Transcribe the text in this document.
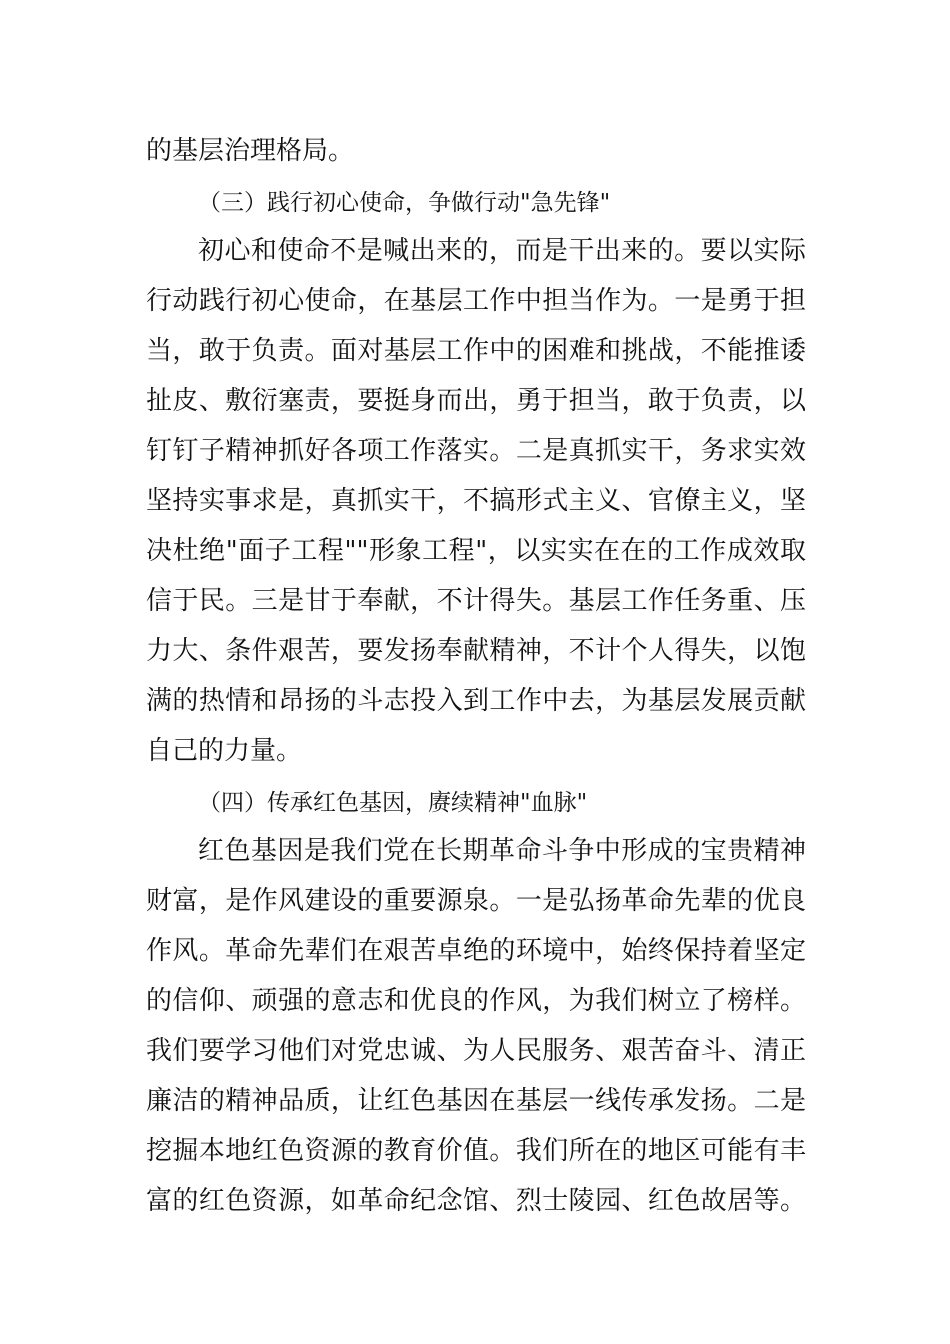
的基层治理格局。
（三）践行初心使命，争做行动"急先锋"
初心和使命不是喊出来的，而是干出来的。要以实际
行动践行初心使命，在基层工作中担当作为。一是勇于担
当，敢于负责。面对基层工作中的困难和挑战，不能推诿
扯皮、敷衍塞责，要挺身而出，勇于担当，敢于负责，以
钉钉子精神抓好各项工作落实。二是真抓实干，务求实效
坚持实事求是，真抓实干，不搞形式主义、官僚主义，坚
决杜绝"面子工程""形象工程"，以实实在在的工作成效取
信于民。三是甘于奉献，不计得失。基层工作任务重、压
力大、条件艰苦，要发扬奉献精神，不计个人得失，以饱
满的热情和昂扬的斗志投入到工作中去，为基层发展贡献
自己的力量。
（四）传承红色基因，赓续精神"血脉"
红色基因是我们党在长期革命斗争中形成的宝贵精神
财富，是作风建设的重要源泉。一是弘扬革命先辈的优良
作风。革命先辈们在艰苦卓绝的环境中，始终保持着坚定
的信仰、顽强的意志和优良的作风，为我们树立了榜样。
我们要学习他们对党忠诚、为人民服务、艰苦奋斗、清正
廉洁的精神品质，让红色基因在基层一线传承发扬。二是
挖掘本地红色资源的教育价值。我们所在的地区可能有丰
富的红色资源，如革命纪念馆、烈士陵园、红色故居等。
